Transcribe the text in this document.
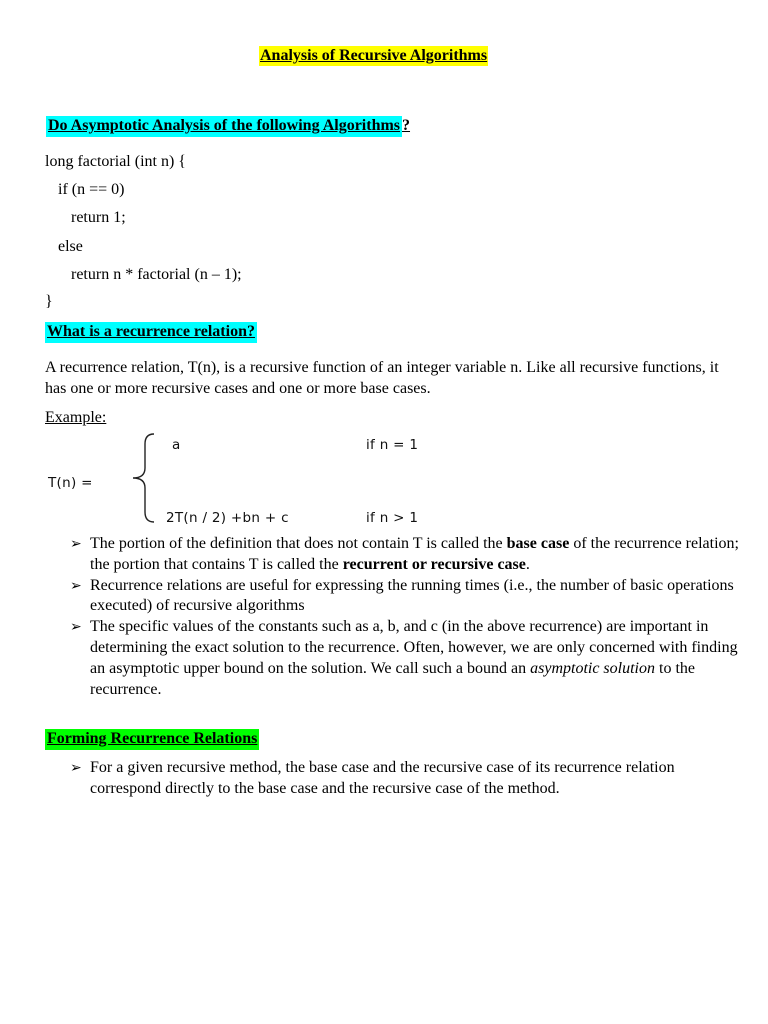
Analysis of Recursive Algorithms
Do Asymptotic Analysis of the following Algorithms ?
long factorial (int n) {
if (n == 0)
return 1;
else
return n * factorial (n – 1);
}
What is a recurrence relation?
A recurrence relation, T(n), is a recursive function of an integer variable n. Like all recursive functions, it has one or more recursive cases and one or more base cases.
Example:
T(n) =
a	if n = 1
2T(n / 2) +bn + c	if n > 1
➢ The portion of the definition that does not contain T is called the base case of the recurrence relation; the portion that contains T is called the recurrent or recursive case.
➢ Recurrence relations are useful for expressing the running times (i.e., the number of basic operations executed) of recursive algorithms
➢ The specific values of the constants such as a, b, and c (in the above recurrence) are important in determining the exact solution to the recurrence. Often, however, we are only concerned with finding an asymptotic upper bound on the solution. We call such a bound an asymptotic solution to the recurrence.
Forming Recurrence Relations
➢ For a given recursive method, the base case and the recursive case of its recurrence relation correspond directly to the base case and the recursive case of the method.
